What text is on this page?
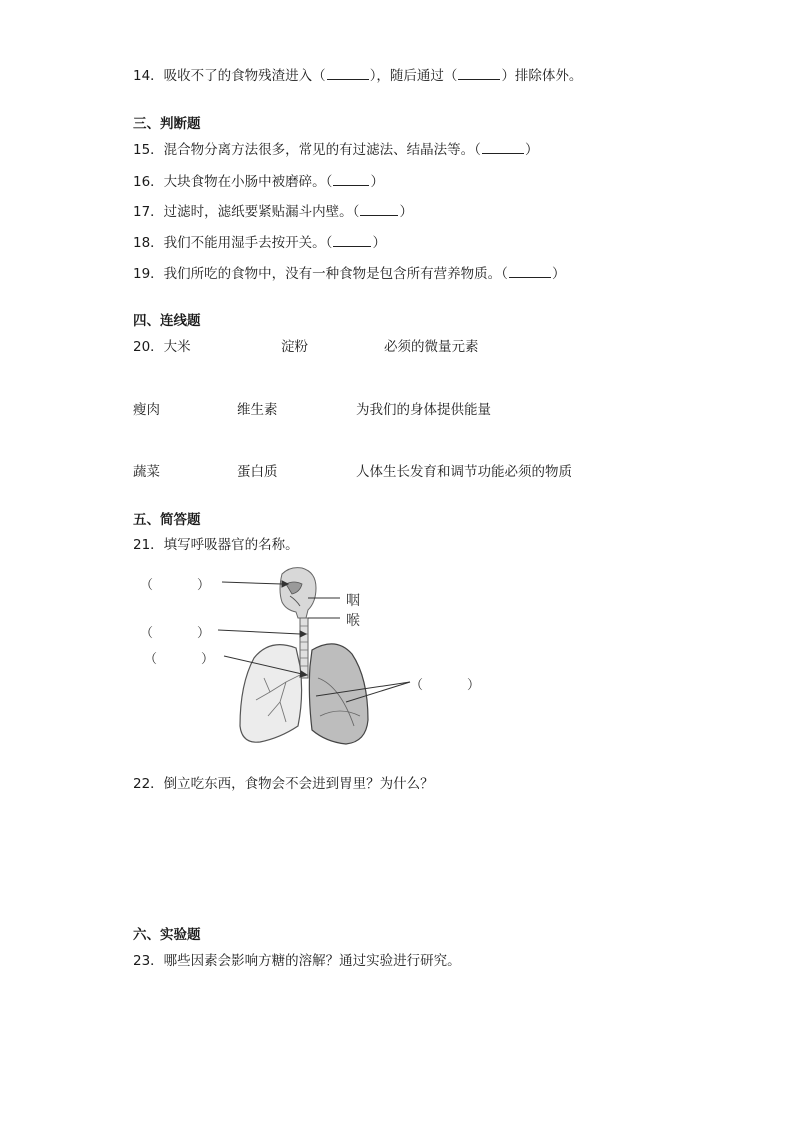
14．吸收不了的食物残渣进入（	），随后通过（	）排除体外。
三、判断题
15．混合物分离方法很多，常见的有过滤法、结晶法等。（	）
16．大块食物在小肠中被磨碎。（	）
17．过滤时，滤纸要紧贴漏斗内壁。（	）
18．我们不能用湿手去按开关。（	）
19．我们所吃的食物中，没有一种食物是包含所有营养物质。（	）
四、连线题
20．大米	淀粉	必须的微量元素
瘦肉	维生素	为我们的身体提供能量
蔬菜	蛋白质	人体生长发育和调节功能必须的物质
五、简答题
21．填写呼吸器官的名称。
（	）
（	）
（	）
（	）
咽
喉
22．倒立吃东西，食物会不会进到胃里？为什么？
六、实验题
23．哪些因素会影响方糖的溶解？通过实验进行研究。
